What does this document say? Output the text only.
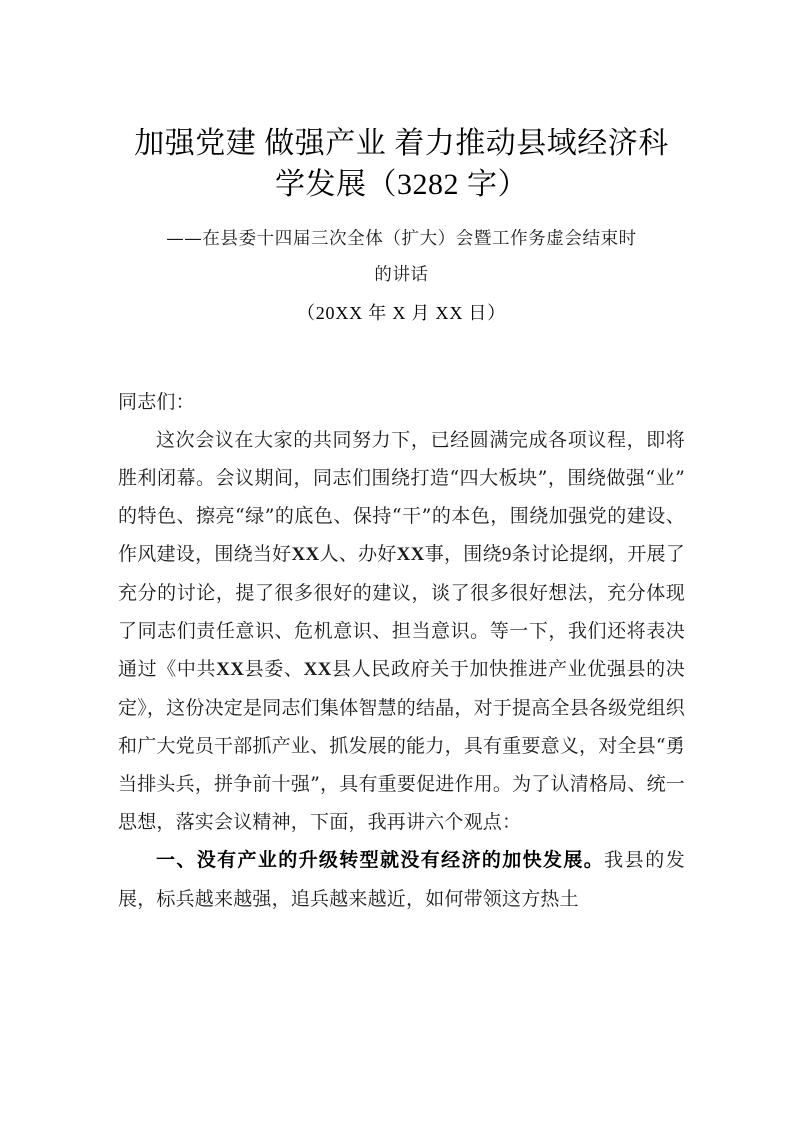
加强党建 做强产业 着力推动县域经济科
学发展（3282 字）
——在县委十四届三次全体（扩大）会暨工作务虚会结束时
的讲话
（20XX 年 X 月 XX 日）

同志们：

这次会议在大家的共同努力下，已经圆满完成各项议程，即将胜利闭幕。会议期间，同志们围绕打造“四大板块”，围绕做强“业”的特色、擦亮“绿”的底色、保持“干”的本色，围绕加强党的建设、作风建设，围绕当好XX人、办好XX事，围绕9条讨论提纲，开展了充分的讨论，提了很多很好的建议，谈了很多很好想法，充分体现了同志们责任意识、危机意识、担当意识。等一下，我们还将表决通过《中共XX县委、XX县人民政府关于加快推进产业优强县的决定》，这份决定是同志们集体智慧的结晶，对于提高全县各级党组织和广大党员干部抓产业、抓发展的能力，具有重要意义，对全县“勇当排头兵，拼争前十强”，具有重要促进作用。为了认清格局、统一思想，落实会议精神，下面，我再讲六个观点：

一、没有产业的升级转型就没有经济的加快发展。我县的发展，标兵越来越强，追兵越来越近，如何带领这方热土
